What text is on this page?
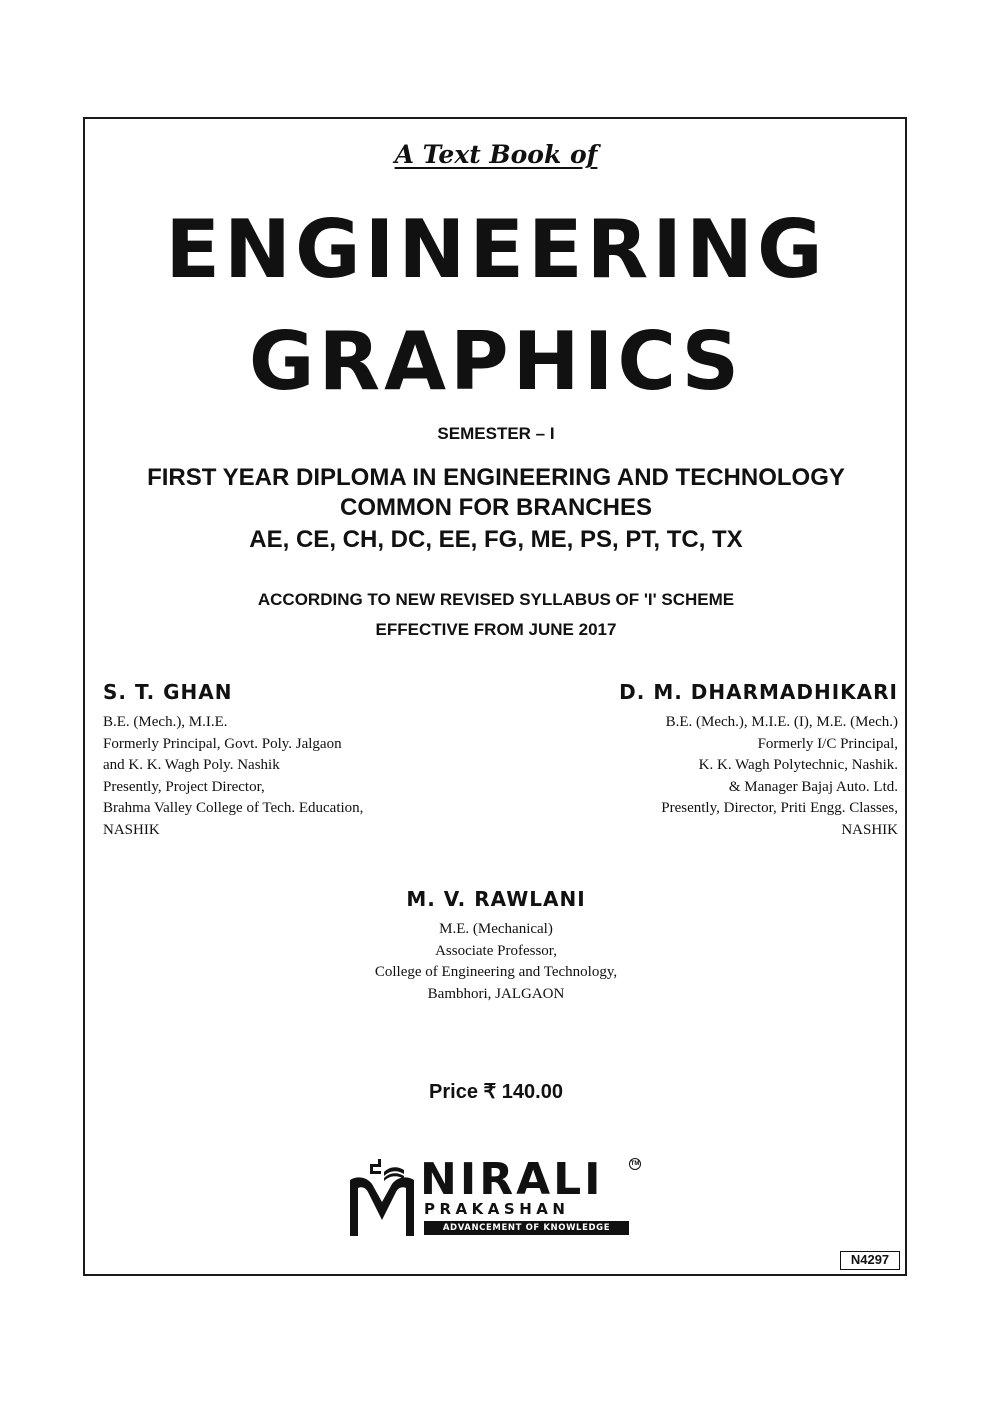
A Text Book of
ENGINEERING
GRAPHICS
SEMESTER – I
FIRST YEAR DIPLOMA IN ENGINEERING AND TECHNOLOGY
COMMON FOR BRANCHES
AE, CE, CH, DC, EE, FG, ME, PS, PT, TC, TX
ACCORDING TO NEW REVISED SYLLABUS OF 'I' SCHEME
EFFECTIVE FROM JUNE 2017
S. T. GHAN
B.E. (Mech.), M.I.E.
Formerly Principal, Govt. Poly. Jalgaon
and K. K. Wagh Poly. Nashik
Presently, Project Director,
Brahma Valley College of Tech. Education,
NASHIK
D. M. DHARMADHIKARI
B.E. (Mech.), M.I.E. (I), M.E. (Mech.)
Formerly I/C Principal,
K. K. Wagh Polytechnic, Nashik.
& Manager Bajaj Auto. Ltd.
Presently, Director, Priti Engg. Classes,
NASHIK
M. V. RAWLANI
M.E. (Mechanical)
Associate Professor,
College of Engineering and Technology,
Bambhori, JALGAON
Price ₹ 140.00
NIRALI
PRAKASHAN
ADVANCEMENT OF KNOWLEDGE
TM
N4297
